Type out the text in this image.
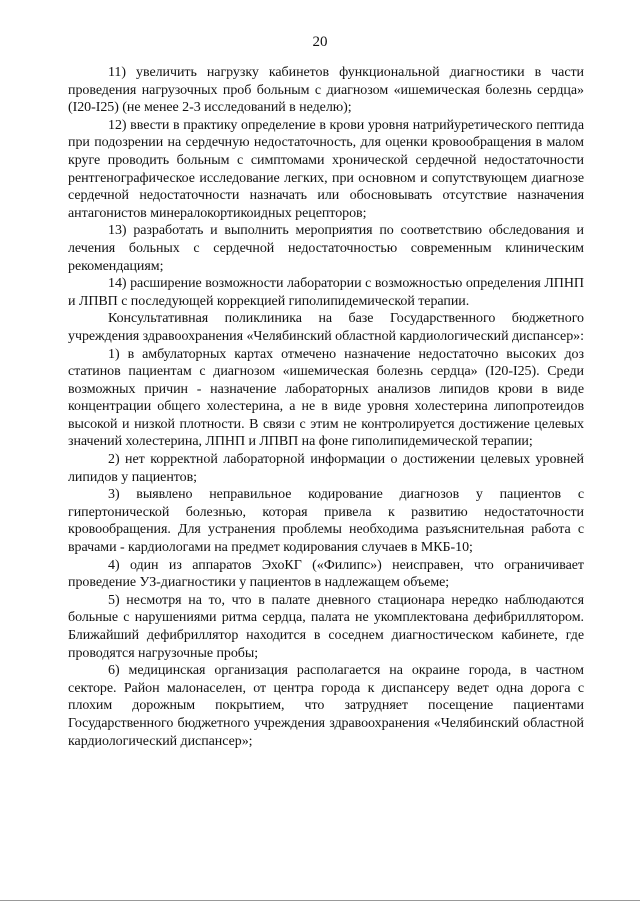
20

11) увеличить нагрузку кабинетов функциональной диагностики в части проведения нагрузочных проб больным с диагнозом «ишемическая болезнь сердца» (I20-I25) (не менее 2-3 исследований в неделю);

12) ввести в практику определение в крови уровня натрийуретического пептида при подозрении на сердечную недостаточность, для оценки кровообращения в малом круге проводить больным с симптомами хронической сердечной недостаточности рентгенографическое исследование легких, при основном и сопутствующем диагнозе сердечной недостаточности назначать или обосновывать отсутствие назначения антагонистов минералокортикоидных рецепторов;

13) разработать и выполнить мероприятия по соответствию обследования и лечения больных с сердечной недостаточностью современным клиническим рекомендациям;

14) расширение возможности лаборатории с возможностью определения ЛПНП и ЛПВП с последующей коррекцией гиполипидемической терапии.

Консультативная поликлиника на базе Государственного бюджетного учреждения здравоохранения «Челябинский областной кардиологический диспансер»:

1) в амбулаторных картах отмечено назначение недостаточно высоких доз статинов пациентам с диагнозом «ишемическая болезнь сердца» (I20-I25). Среди возможных причин - назначение лабораторных анализов липидов крови в виде концентрации общего холестерина, а не в виде уровня холестерина липопротеидов высокой и низкой плотности. В связи с этим не контролируется достижение целевых значений холестерина, ЛПНП и ЛПВП на фоне гиполипидемической терапии;

2) нет корректной лабораторной информации о достижении целевых уровней липидов у пациентов;

3) выявлено неправильное кодирование диагнозов у пациентов с гипертонической болезнью, которая привела к развитию недостаточности кровообращения. Для устранения проблемы необходима разъяснительная работа с врачами - кардиологами на предмет кодирования случаев в МКБ-10;

4) один из аппаратов ЭхоКГ («Филипс») неисправен, что ограничивает проведение УЗ-диагностики у пациентов в надлежащем объеме;

5) несмотря на то, что в палате дневного стационара нередко наблюдаются больные с нарушениями ритма сердца, палата не укомплектована дефибриллятором. Ближайший дефибриллятор находится в соседнем диагностическом кабинете, где проводятся нагрузочные пробы;

6) медицинская организация располагается на окраине города, в частном секторе. Район малонаселен, от центра города к диспансеру ведет одна дорога с плохим дорожным покрытием, что затрудняет посещение пациентами Государственного бюджетного учреждения здравоохранения «Челябинский областной кардиологический диспансер»;
